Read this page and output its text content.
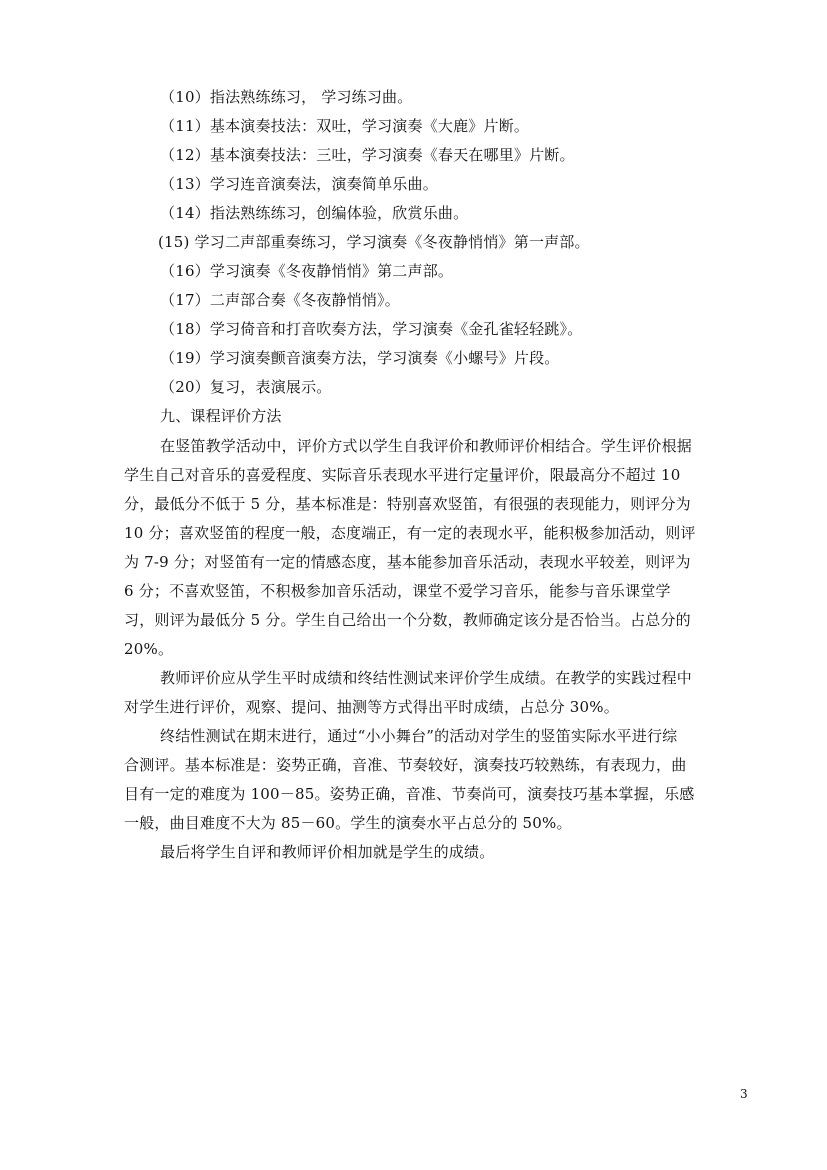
（10）指法熟练练习， 学习练习曲。
（11）基本演奏技法：双吐，学习演奏《大鹿》片断。
（12）基本演奏技法：三吐，学习演奏《春天在哪里》片断。
（13）学习连音演奏法，演奏简单乐曲。
（14）指法熟练练习，创编体验，欣赏乐曲。
(15) 学习二声部重奏练习，学习演奏《冬夜静悄悄》第一声部。
（16）学习演奏《冬夜静悄悄》第二声部。
（17）二声部合奏《冬夜静悄悄》。
（18）学习倚音和打音吹奏方法，学习演奏《金孔雀轻轻跳》。
（19）学习演奏颤音演奏方法，学习演奏《小螺号》片段。
（20）复习，表演展示。
九、课程评价方法
在竖笛教学活动中，评价方式以学生自我评价和教师评价相结合。学生评价根据
学生自己对音乐的喜爱程度、实际音乐表现水平进行定量评价，限最高分不超过 10
分，最低分不低于 5 分，基本标准是：特别喜欢竖笛，有很强的表现能力，则评分为
10 分；喜欢竖笛的程度一般，态度端正，有一定的表现水平，能积极参加活动，则评
为 7-9 分；对竖笛有一定的情感态度，基本能参加音乐活动，表现水平较差，则评为
6 分；不喜欢竖笛，不积极参加音乐活动，课堂不爱学习音乐，能参与音乐课堂学
习，则评为最低分 5 分。学生自己给出一个分数，教师确定该分是否恰当。占总分的
20%。
教师评价应从学生平时成绩和终结性测试来评价学生成绩。在教学的实践过程中
对学生进行评价，观察、提问、抽测等方式得出平时成绩，占总分 30%。
终结性测试在期末进行，通过“小小舞台”的活动对学生的竖笛实际水平进行综
合测评。基本标准是：姿势正确，音准、节奏较好，演奏技巧较熟练，有表现力，曲
目有一定的难度为 100－85。姿势正确，音准、节奏尚可，演奏技巧基本掌握，乐感
一般，曲目难度不大为 85－60。学生的演奏水平占总分的 50%。
最后将学生自评和教师评价相加就是学生的成绩。
3
